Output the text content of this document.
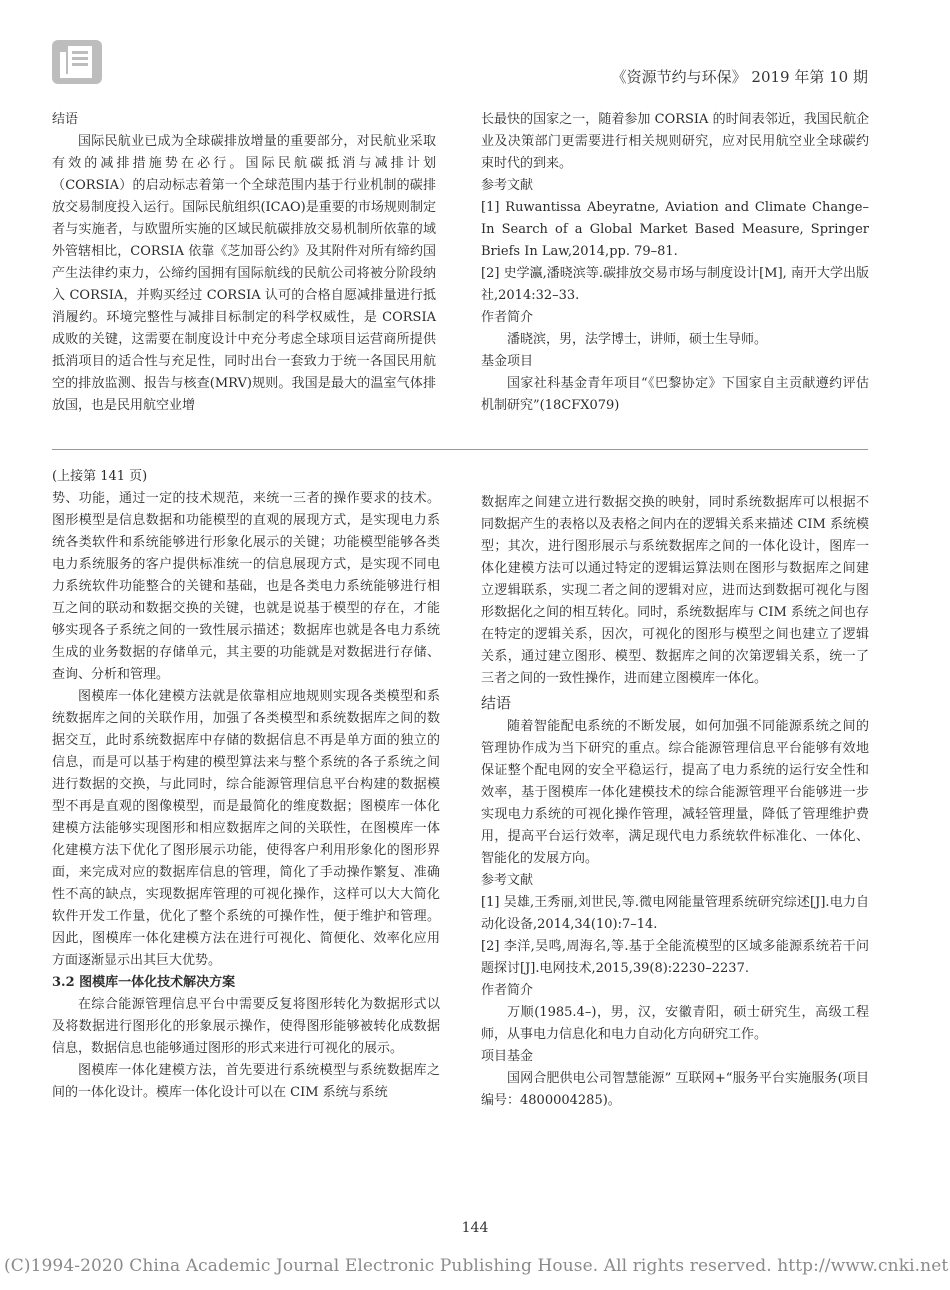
《资源节约与环保》 2019 年第 10 期

结语

国际民航业已成为全球碳排放增量的重要部分，对民航业采取有效的减排措施势在必行。国际民航碳抵消与减排计划（CORSIA）的启动标志着第一个全球范围内基于行业机制的碳排放交易制度投入运行。国际民航组织(ICAO)是重要的市场规则制定者与实施者，与欧盟所实施的区域民航碳排放交易机制所依靠的域外管辖相比，CORSIA 依靠《芝加哥公约》及其附件对所有缔约国产生法律约束力，公缔约国拥有国际航线的民航公司将被分阶段纳入 CORSIA，并购买经过 CORSIA 认可的合格自愿减排量进行抵消履约。环境完整性与减排目标制定的科学权威性，是 CORSIA 成败的关键，这需要在制度设计中充分考虑全球项目运营商所提供抵消项目的适合性与充足性，同时出台一套致力于统一各国民用航空的排放监测、报告与核查(MRV)规则。我国是最大的温室气体排放国，也是民用航空业增

长最快的国家之一，随着参加 CORSIA 的时间表邻近，我国民航企业及决策部门更需要进行相关规则研究，应对民用航空业全球碳约束时代的到来。

参考文献

[1] Ruwantissa Abeyratne, Aviation and Climate Change–In Search of a Global Market Based Measure, Springer Briefs In Law,2014,pp. 79–81.

[2] 史学瀛,潘晓滨等.碳排放交易市场与制度设计[M], 南开大学出版社,2014:32–33.

作者简介

潘晓滨，男，法学博士，讲师，硕士生导师。

基金项目

国家社科基金青年项目“《巴黎协定》下国家自主贡献遵约评估机制研究”(18CFX079)

(上接第 141 页)

势、功能，通过一定的技术规范，来统一三者的操作要求的技术。图形模型是信息数据和功能模型的直观的展现方式，是实现电力系统各类软件和系统能够进行形象化展示的关键；功能模型能够各类电力系统服务的客户提供标准统一的信息展现方式，是实现不同电力系统软件功能整合的关键和基础，也是各类电力系统能够进行相互之间的联动和数据交换的关键，也就是说基于模型的存在，才能够实现各子系统之间的一致性展示描述；数据库也就是各电力系统生成的业务数据的存储单元，其主要的功能就是对数据进行存储、查询、分析和管理。

图模库一体化建模方法就是依靠相应地规则实现各类模型和系统数据库之间的关联作用，加强了各类模型和系统数据库之间的数据交互，此时系统数据库中存储的数据信息不再是单方面的独立的信息，而是可以基于构建的模型算法来与整个系统的各子系统之间进行数据的交换，与此同时，综合能源管理信息平台构建的数据模型不再是直观的图像模型，而是最简化的维度数据；图模库一体化建模方法能够实现图形和相应数据库之间的关联性，在图模库一体化建模方法下优化了图形展示功能，使得客户利用形象化的图形界面，来完成对应的数据库信息的管理，简化了手动操作繁复、准确性不高的缺点，实现数据库管理的可视化操作，这样可以大大简化软件开发工作量，优化了整个系统的可操作性，便于维护和管理。因此，图模库一体化建模方法在进行可视化、简便化、效率化应用方面逐渐显示出其巨大优势。

3.2 图模库一体化技术解决方案

在综合能源管理信息平台中需要反复将图形转化为数据形式以及将数据进行图形化的形象展示操作，使得图形能够被转化成数据信息，数据信息也能够通过图形的形式来进行可视化的展示。

图模库一体化建模方法，首先要进行系统模型与系统数据库之间的一体化设计。模库一体化设计可以在 CIM 系统与系统

数据库之间建立进行数据交换的映射，同时系统数据库可以根据不同数据产生的表格以及表格之间内在的逻辑关系来描述 CIM 系统模型；其次，进行图形展示与系统数据库之间的一体化设计，图库一体化建模方法可以通过特定的逻辑运算法则在图形与数据库之间建立逻辑联系，实现二者之间的逻辑对应，进而达到数据可视化与图形数据化之间的相互转化。同时，系统数据库与 CIM 系统之间也存在特定的逻辑关系，因次，可视化的图形与模型之间也建立了逻辑关系，通过建立图形、模型、数据库之间的次第逻辑关系，统一了三者之间的一致性操作，进而建立图模库一体化。

结语

随着智能配电系统的不断发展，如何加强不同能源系统之间的管理协作成为当下研究的重点。综合能源管理信息平台能够有效地保证整个配电网的安全平稳运行，提高了电力系统的运行安全性和效率，基于图模库一体化建模技术的综合能源管理平台能够进一步实现电力系统的可视化操作管理，减轻管理量，降低了管理维护费用，提高平台运行效率，满足现代电力系统软件标准化、一体化、智能化的发展方向。

参考文献

[1] 吴雄,王秀丽,刘世民,等.微电网能量管理系统研究综述[J].电力自动化设备,2014,34(10):7–14.

[2] 李洋,吴鸣,周海名,等.基于全能流模型的区域多能源系统若干问题探讨[J].电网技术,2015,39(8):2230–2237.

作者简介

万顺(1985.4–)，男，汉，安徽青阳，硕士研究生，高级工程师，从事电力信息化和电力自动化方向研究工作。

项目基金

国网合肥供电公司智慧能源” 互联网+“服务平台实施服务(项目编号：4800004285)。

144
(C)1994-2020 China Academic Journal Electronic Publishing House. All rights reserved. http://www.cnki.net
